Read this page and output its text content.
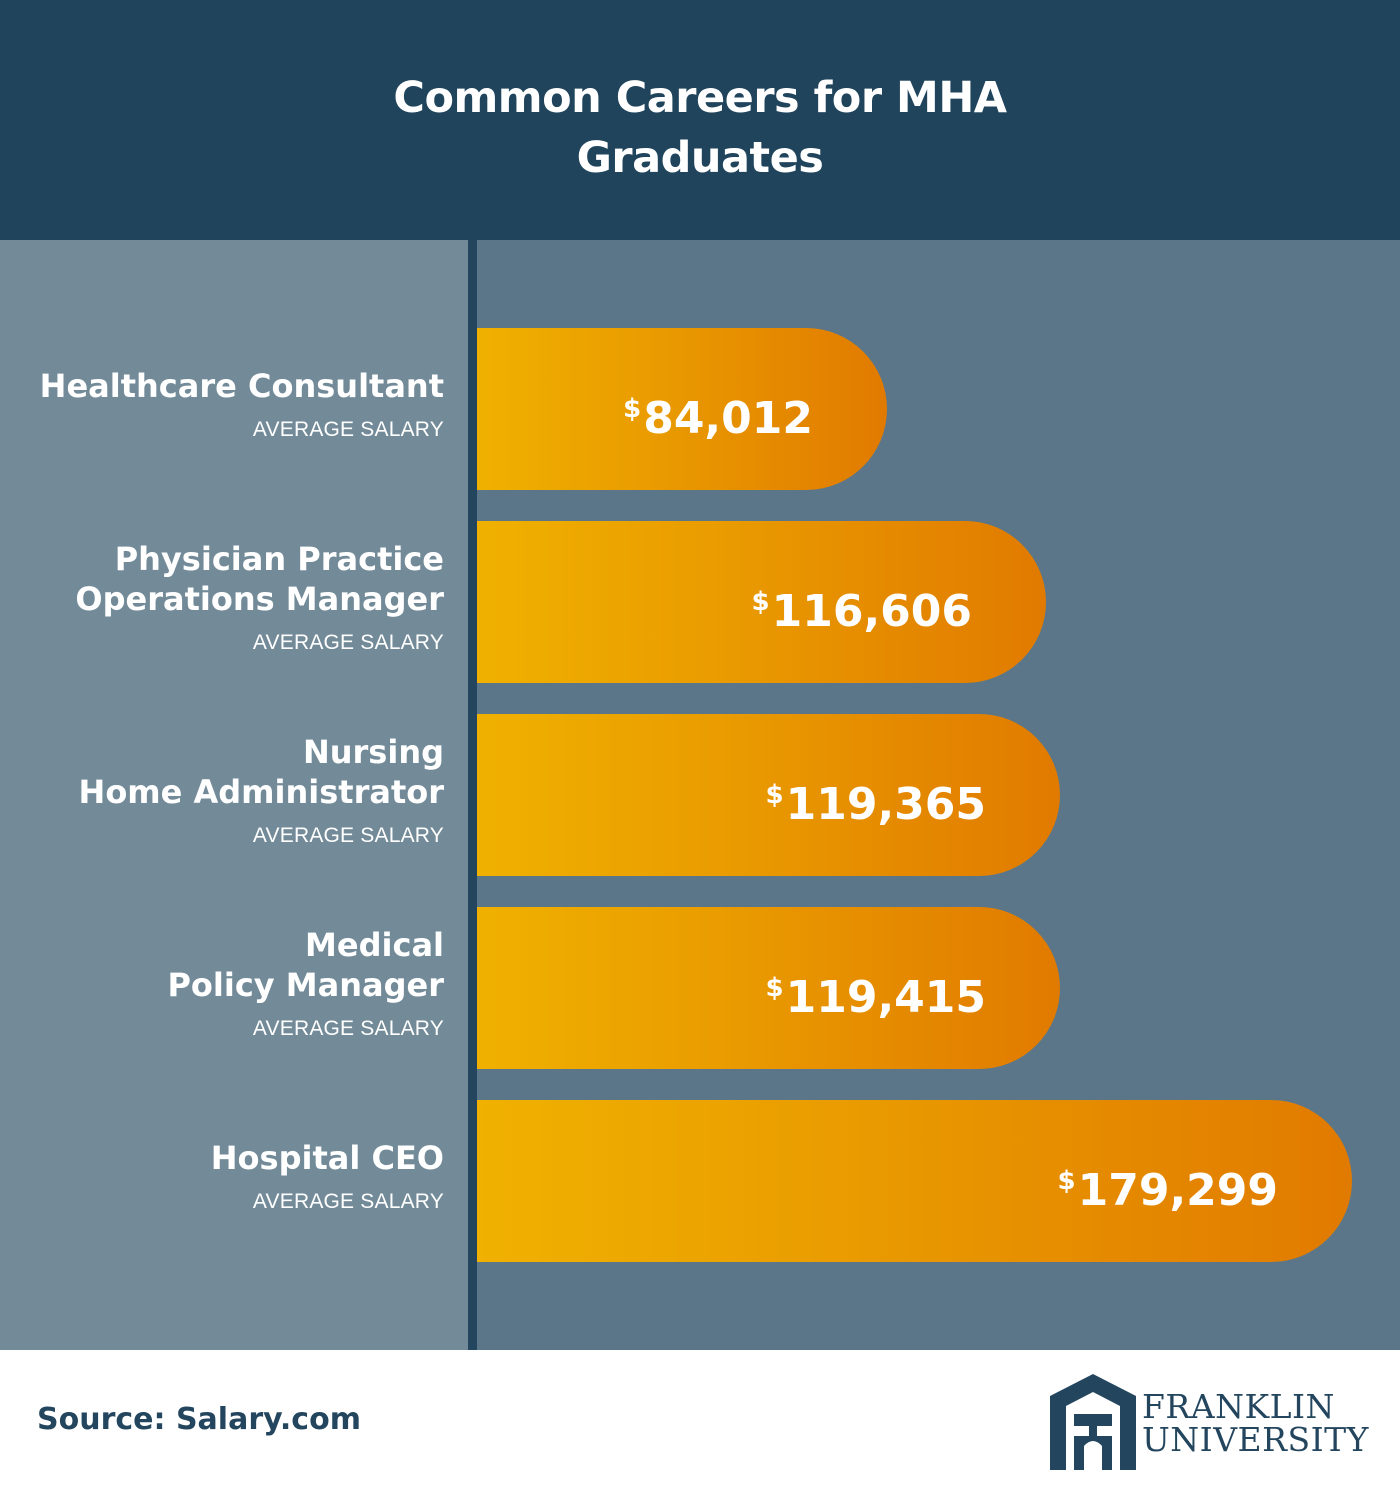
Common Careers for MHA
Graduates
Healthcare Consultant
AVERAGE SALARY
$84,012
Physician Practice
Operations Manager
AVERAGE SALARY
$116,606
Nursing
Home Administrator
AVERAGE SALARY
$119,365
Medical
Policy Manager
AVERAGE SALARY
$119,415
Hospital CEO
AVERAGE SALARY
$179,299
Source: Salary.com	FRANKLIN
UNIVERSITY
